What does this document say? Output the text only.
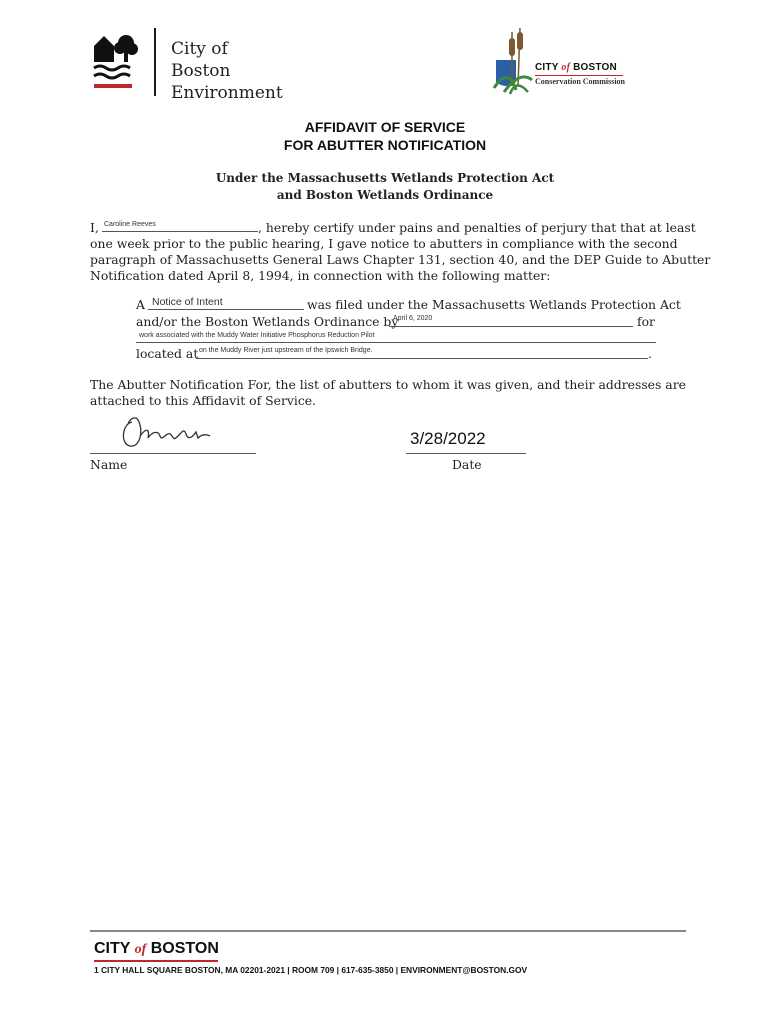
City of Boston
Environment
CITY of BOSTON
Conservation Commission
AFFIDAVIT OF SERVICE
FOR ABUTTER NOTIFICATION
Under the Massachusetts Wetlands Protection Act
and Boston Wetlands Ordinance
I, Caroline Reeves	, hereby certify under pains and penalties of perjury that that at least
one week prior to the public hearing, I gave notice to abutters in compliance with the second
paragraph of Massachusetts General Laws Chapter 131, section 40, and the DEP Guide to Abutter
Notification dated April 8, 1994, in connection with the following matter:
A Notice of Intent	was filed under the Massachusetts Wetlands Protection Act
and/or the Boston Wetlands Ordinance by
April 6, 2020	for
work associated with the Muddy Water Initiative Phosphorus Reduction Pilot
located at on the Muddy River just upstream of the Ipswich Bridge.	.
The Abutter Notification For, the list of abutters to whom it was given, and their addresses are
attached to this Affidavit of Service.
3/28/2022
Name	Date
CITY of BOSTON
1 CITY HALL SQUARE BOSTON, MA 02201-2021 | ROOM 709 | 617-635-3850 | ENVIRONMENT@BOSTON.GOV
